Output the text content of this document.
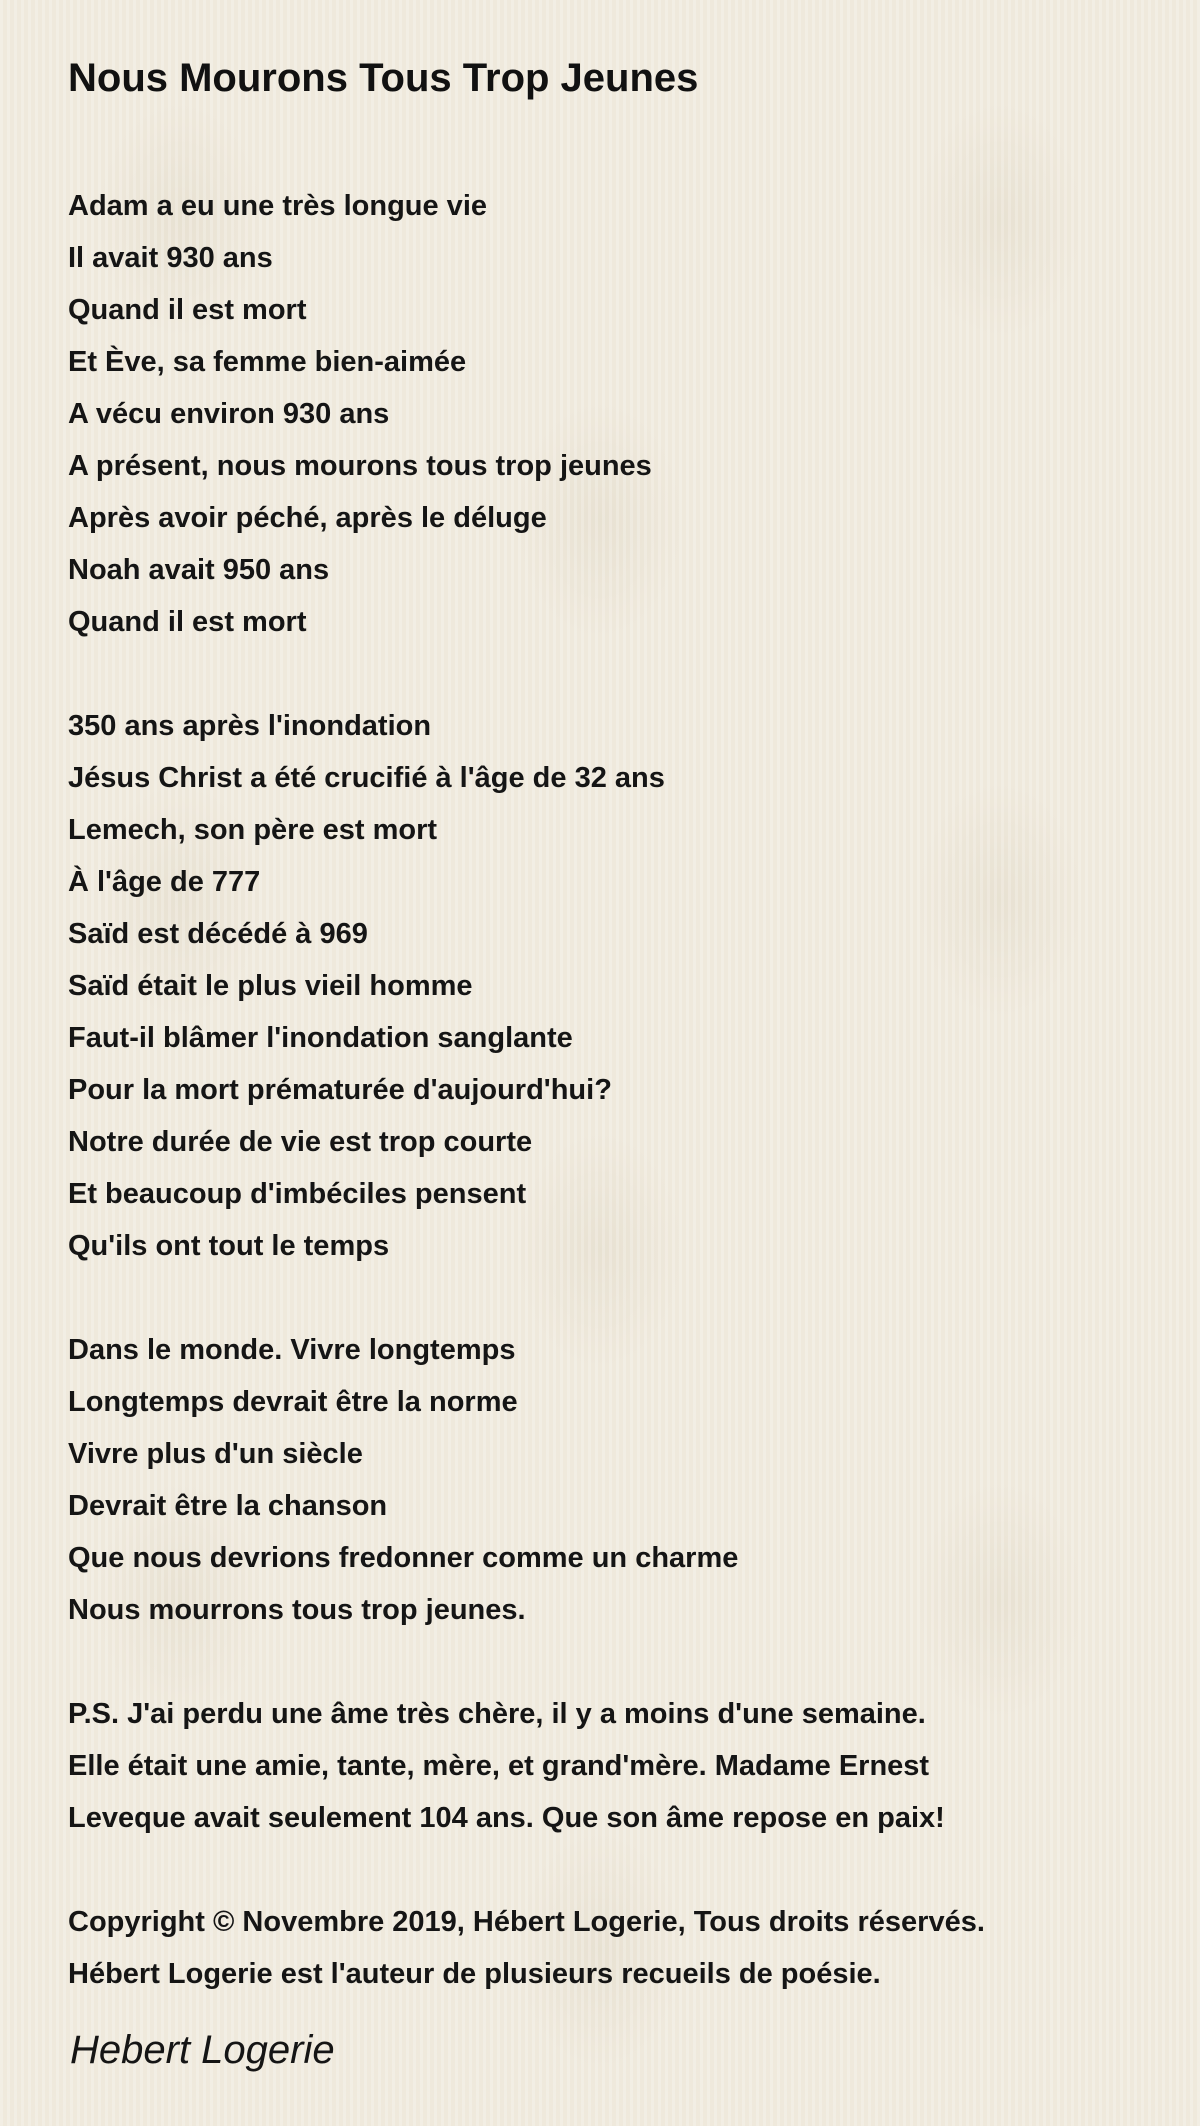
Nous Mourons Tous Trop Jeunes
Adam a eu une très longue vie
Il avait 930 ans
Quand il est mort
Et Ève, sa femme bien-aimée
A vécu environ 930 ans
A présent, nous mourons tous trop jeunes
Après avoir péché, après le déluge
Noah avait 950 ans
Quand il est mort
350 ans après l'inondation
Jésus Christ a été crucifié à l'âge de 32 ans
Lemech, son père est mort
À l'âge de 777
Saïd est décédé à 969
Saïd était le plus vieil homme
Faut-il blâmer l'inondation sanglante
Pour la mort prématurée d'aujourd'hui?
Notre durée de vie est trop courte
Et beaucoup d'imbéciles pensent
Qu'ils ont tout le temps
Dans le monde. Vivre longtemps
Longtemps devrait être la norme
Vivre plus d'un siècle
Devrait être la chanson
Que nous devrions fredonner comme un charme
Nous mourrons tous trop jeunes.
P.S. J'ai perdu une âme très chère, il y a moins d'une semaine.
Elle était une amie, tante, mère, et grand'mère. Madame Ernest
Leveque avait seulement 104 ans. Que son âme repose en paix!
Copyright © Novembre 2019, Hébert Logerie, Tous droits réservés.
Hébert Logerie est l'auteur de plusieurs recueils de poésie.
Hebert Logerie
